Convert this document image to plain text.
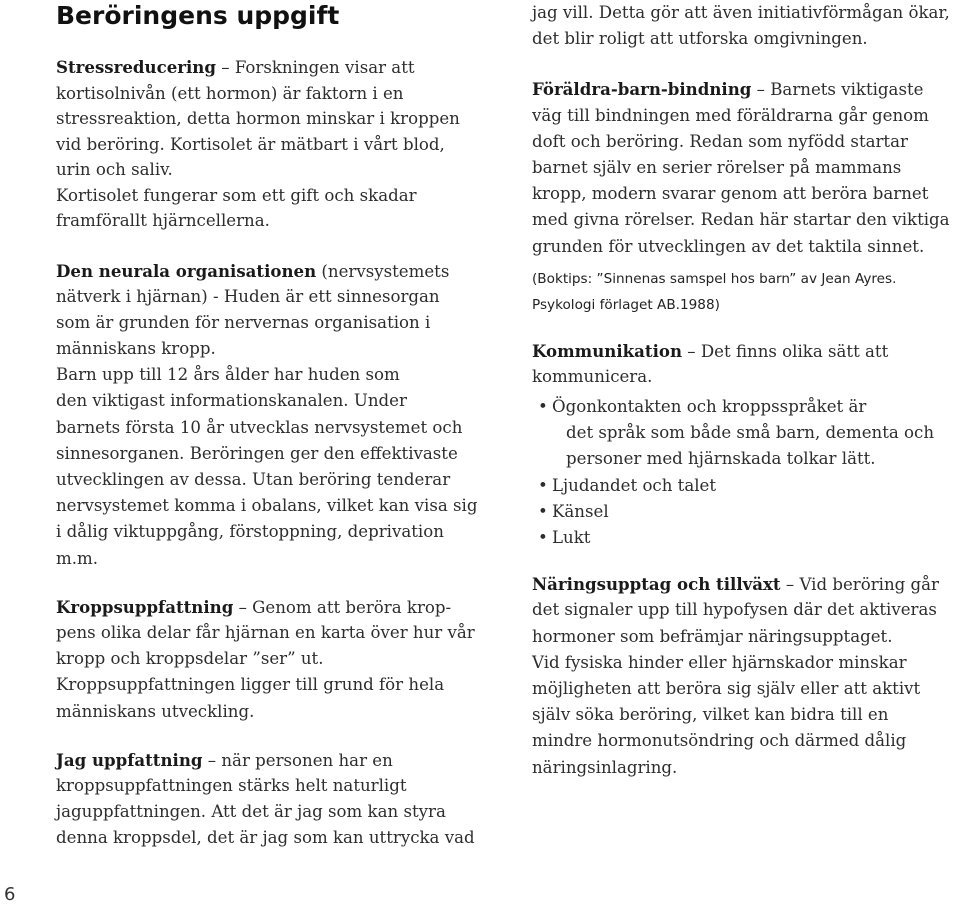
Beröringens uppgift
Stressreducering – Forskningen visar att
kortisolnivån (ett hormon) är faktorn i en
stressreaktion, detta hormon minskar i kroppen
vid beröring. Kortisolet är mätbart i vårt blod,
urin och saliv.
Kortisolet fungerar som ett gift och skadar
framförallt hjärncellerna.
Den neurala organisationen (nervsystemets
nätverk i hjärnan) - Huden är ett sinnesorgan
som är grunden för nervernas organisation i
människans kropp.
Barn upp till 12 års ålder har huden som
den viktigast informationskanalen. Under
barnets första 10 år utvecklas nervsystemet och
sinnesorganen. Beröringen ger den effektivaste
utvecklingen av dessa. Utan beröring tenderar
nervsystemet komma i obalans, vilket kan visa sig
i dålig viktuppgång, förstoppning, deprivation
m.m.
Kroppsuppfattning – Genom att beröra krop-
pens olika delar får hjärnan en karta över hur vår
kropp och kroppsdelar ”ser” ut.
Kroppsuppfattningen ligger till grund för hela
människans utveckling.
Jag uppfattning – när personen har en
kroppsuppfattningen stärks helt naturligt
jaguppfattningen. Att det är jag som kan styra
denna kroppsdel, det är jag som kan uttrycka vad
jag vill. Detta gör att även initiativförmågan ökar,
det blir roligt att utforska omgivningen.
Föräldra-barn-bindning – Barnets viktigaste
väg till bindningen med föräldrarna går genom
doft och beröring. Redan som nyfödd startar
barnet själv en serier rörelser på mammans
kropp, modern svarar genom att beröra barnet
med givna rörelser. Redan här startar den viktiga
grunden för utvecklingen av det taktila sinnet.
(Boktips: ”Sinnenas samspel hos barn” av Jean Ayres.
Psykologi förlaget AB.1988)
Kommunikation – Det finns olika sätt att
kommunicera.
• Ögonkontakten och kroppsspråket är
det språk som både små barn, dementa och
personer med hjärnskada tolkar lätt.
• Ljudandet och talet
• Känsel
• Lukt
Näringsupptag och tillväxt – Vid beröring går
det signaler upp till hypofysen där det aktiveras
hormoner som befrämjar näringsupptaget.
Vid fysiska hinder eller hjärnskador minskar
möjligheten att beröra sig själv eller att aktivt
själv söka beröring, vilket kan bidra till en
mindre hormonutsöndring och därmed dålig
näringsinlagring.
6
